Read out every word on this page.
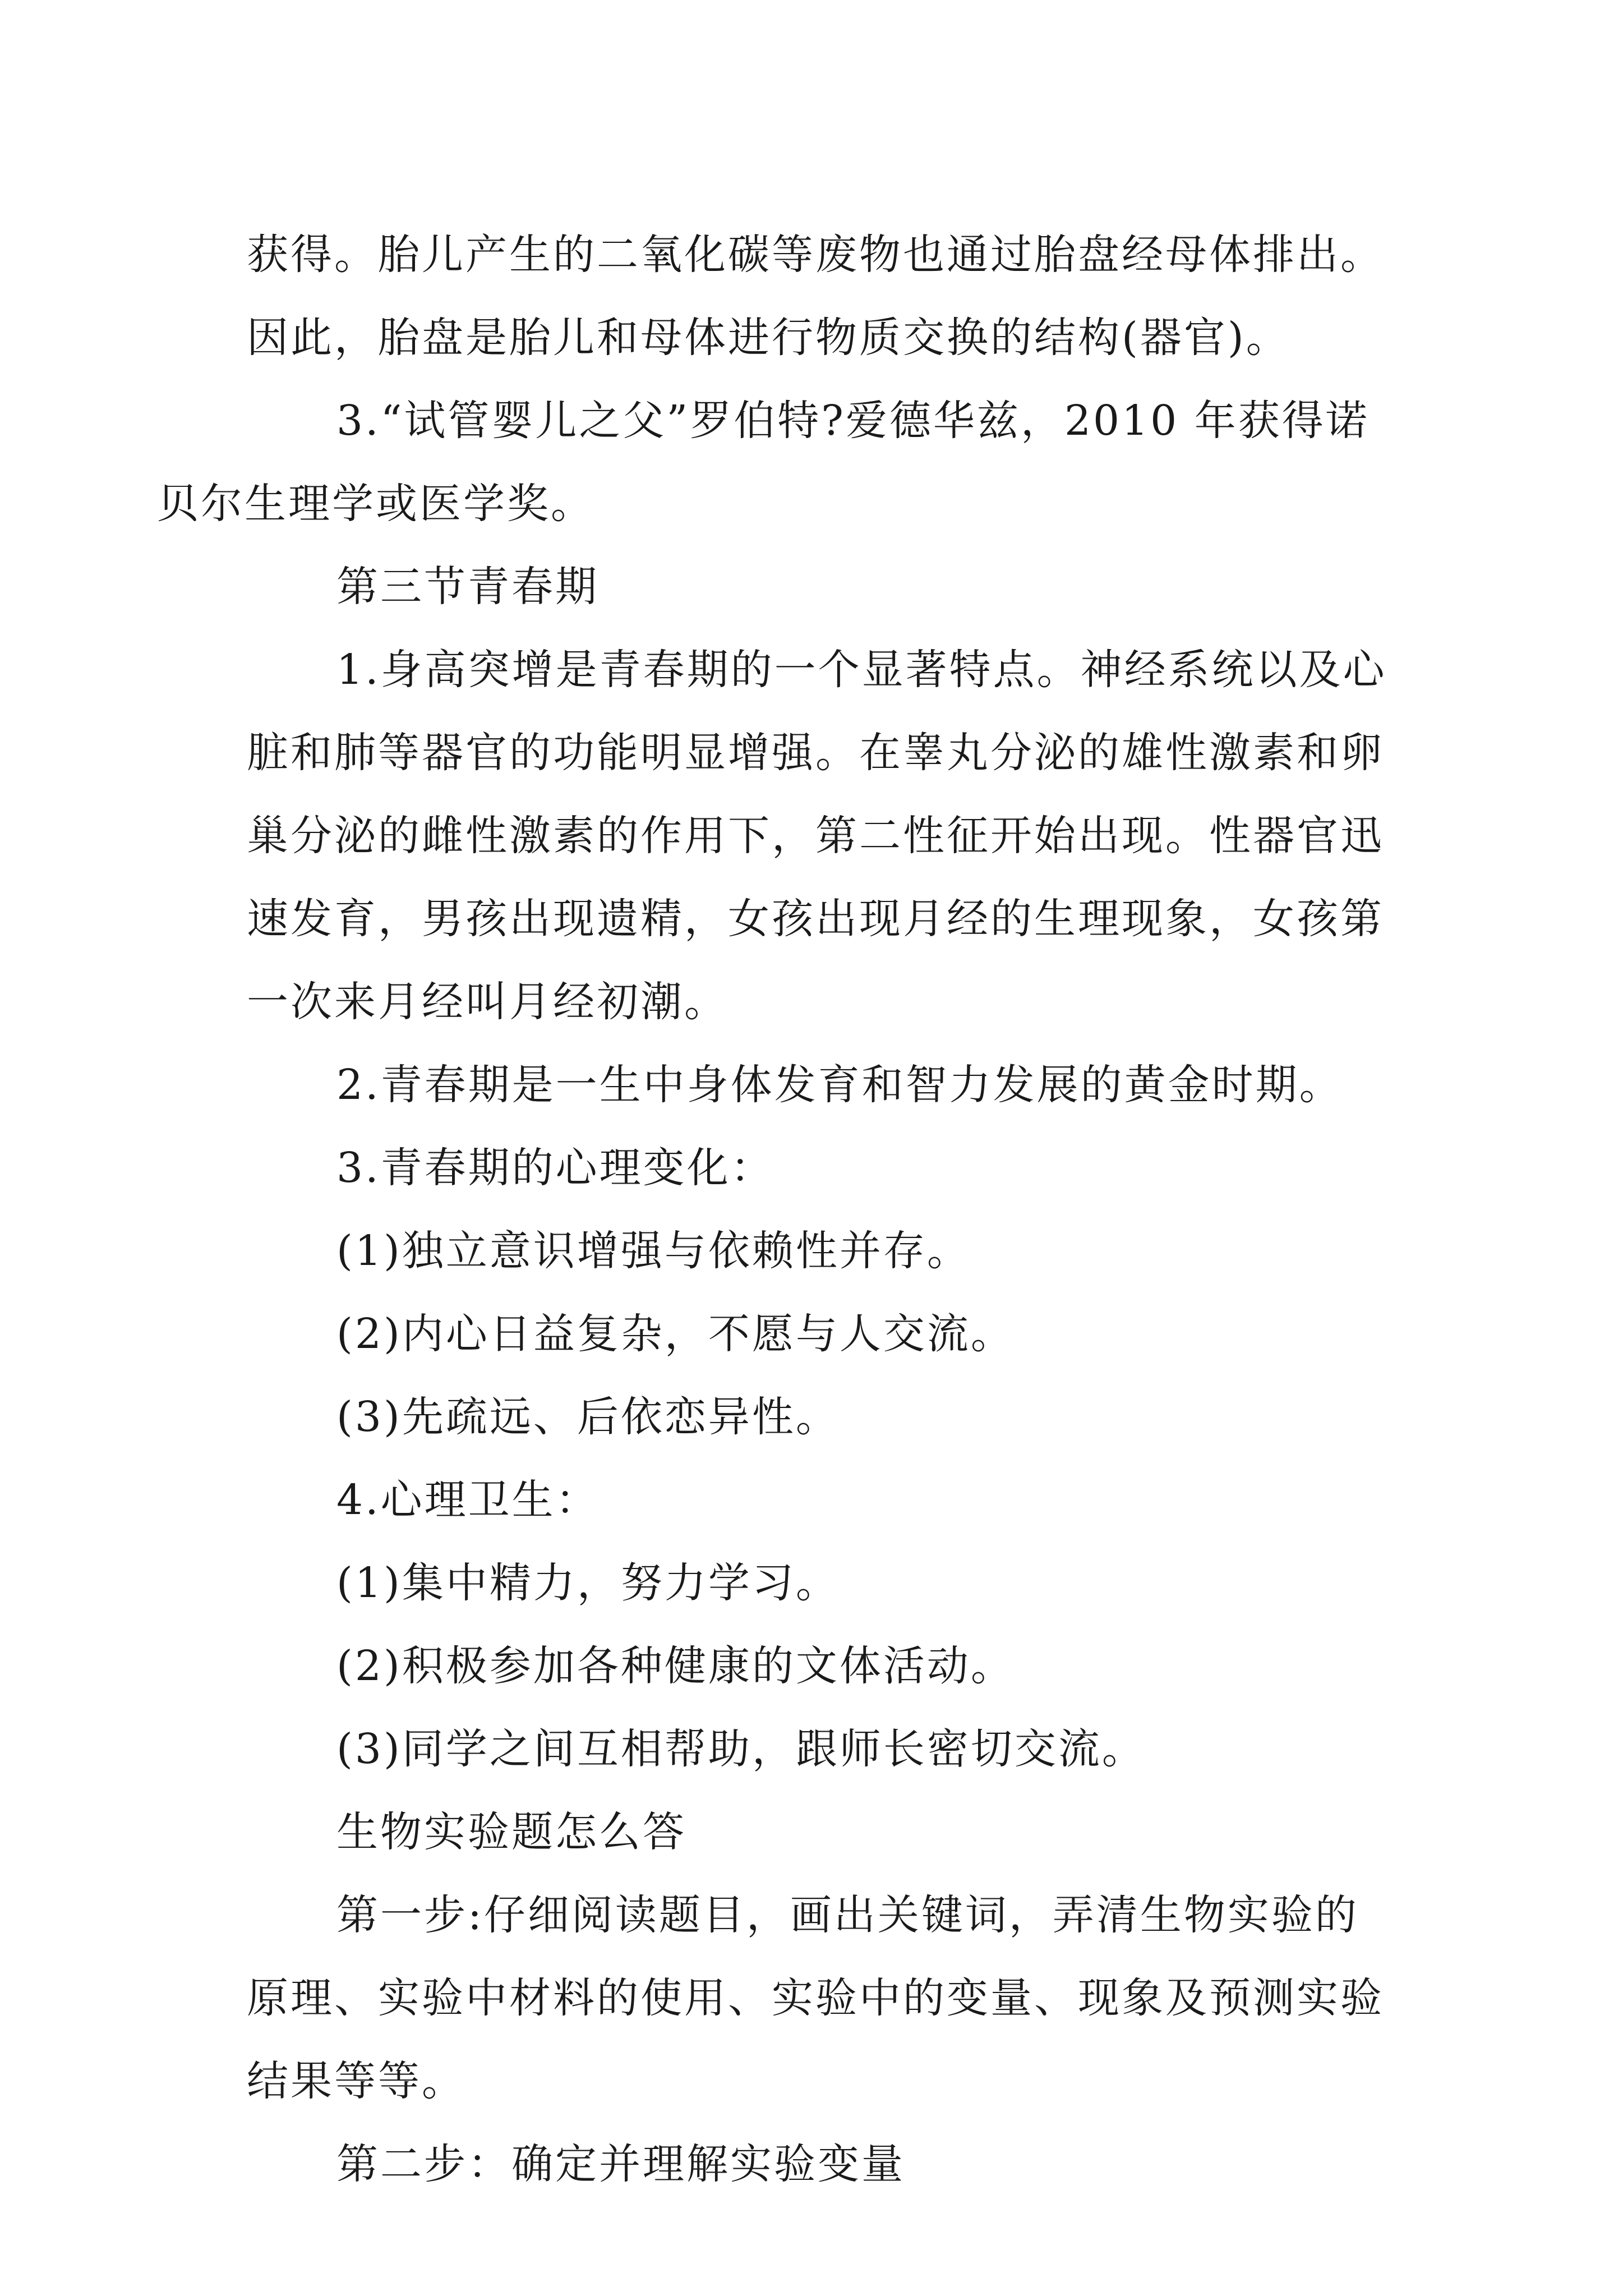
获得。胎儿产生的二氧化碳等废物也通过胎盘经母体排出。
因此，胎盘是胎儿和母体进行物质交换的结构(器官)。

3.“试管婴儿之父”罗伯特?爱德华兹，2010 年获得诺
贝尔生理学或医学奖。

第三节青春期

1.身高突增是青春期的一个显著特点。神经系统以及心
脏和肺等器官的功能明显增强。在睾丸分泌的雄性激素和卵
巢分泌的雌性激素的作用下，第二性征开始出现。性器官迅
速发育，男孩出现遗精，女孩出现月经的生理现象，女孩第
一次来月经叫月经初潮。

2.青春期是一生中身体发育和智力发展的黄金时期。

3.青春期的心理变化：

(1)独立意识增强与依赖性并存。

(2)内心日益复杂，不愿与人交流。

(3)先疏远、后依恋异性。

4.心理卫生：

(1)集中精力，努力学习。

(2)积极参加各种健康的文体活动。

(3)同学之间互相帮助，跟师长密切交流。

生物实验题怎么答

第一步:仔细阅读题目，画出关键词，弄清生物实验的
原理、实验中材料的使用、实验中的变量、现象及预测实验
结果等等。

第二步：确定并理解实验变量
